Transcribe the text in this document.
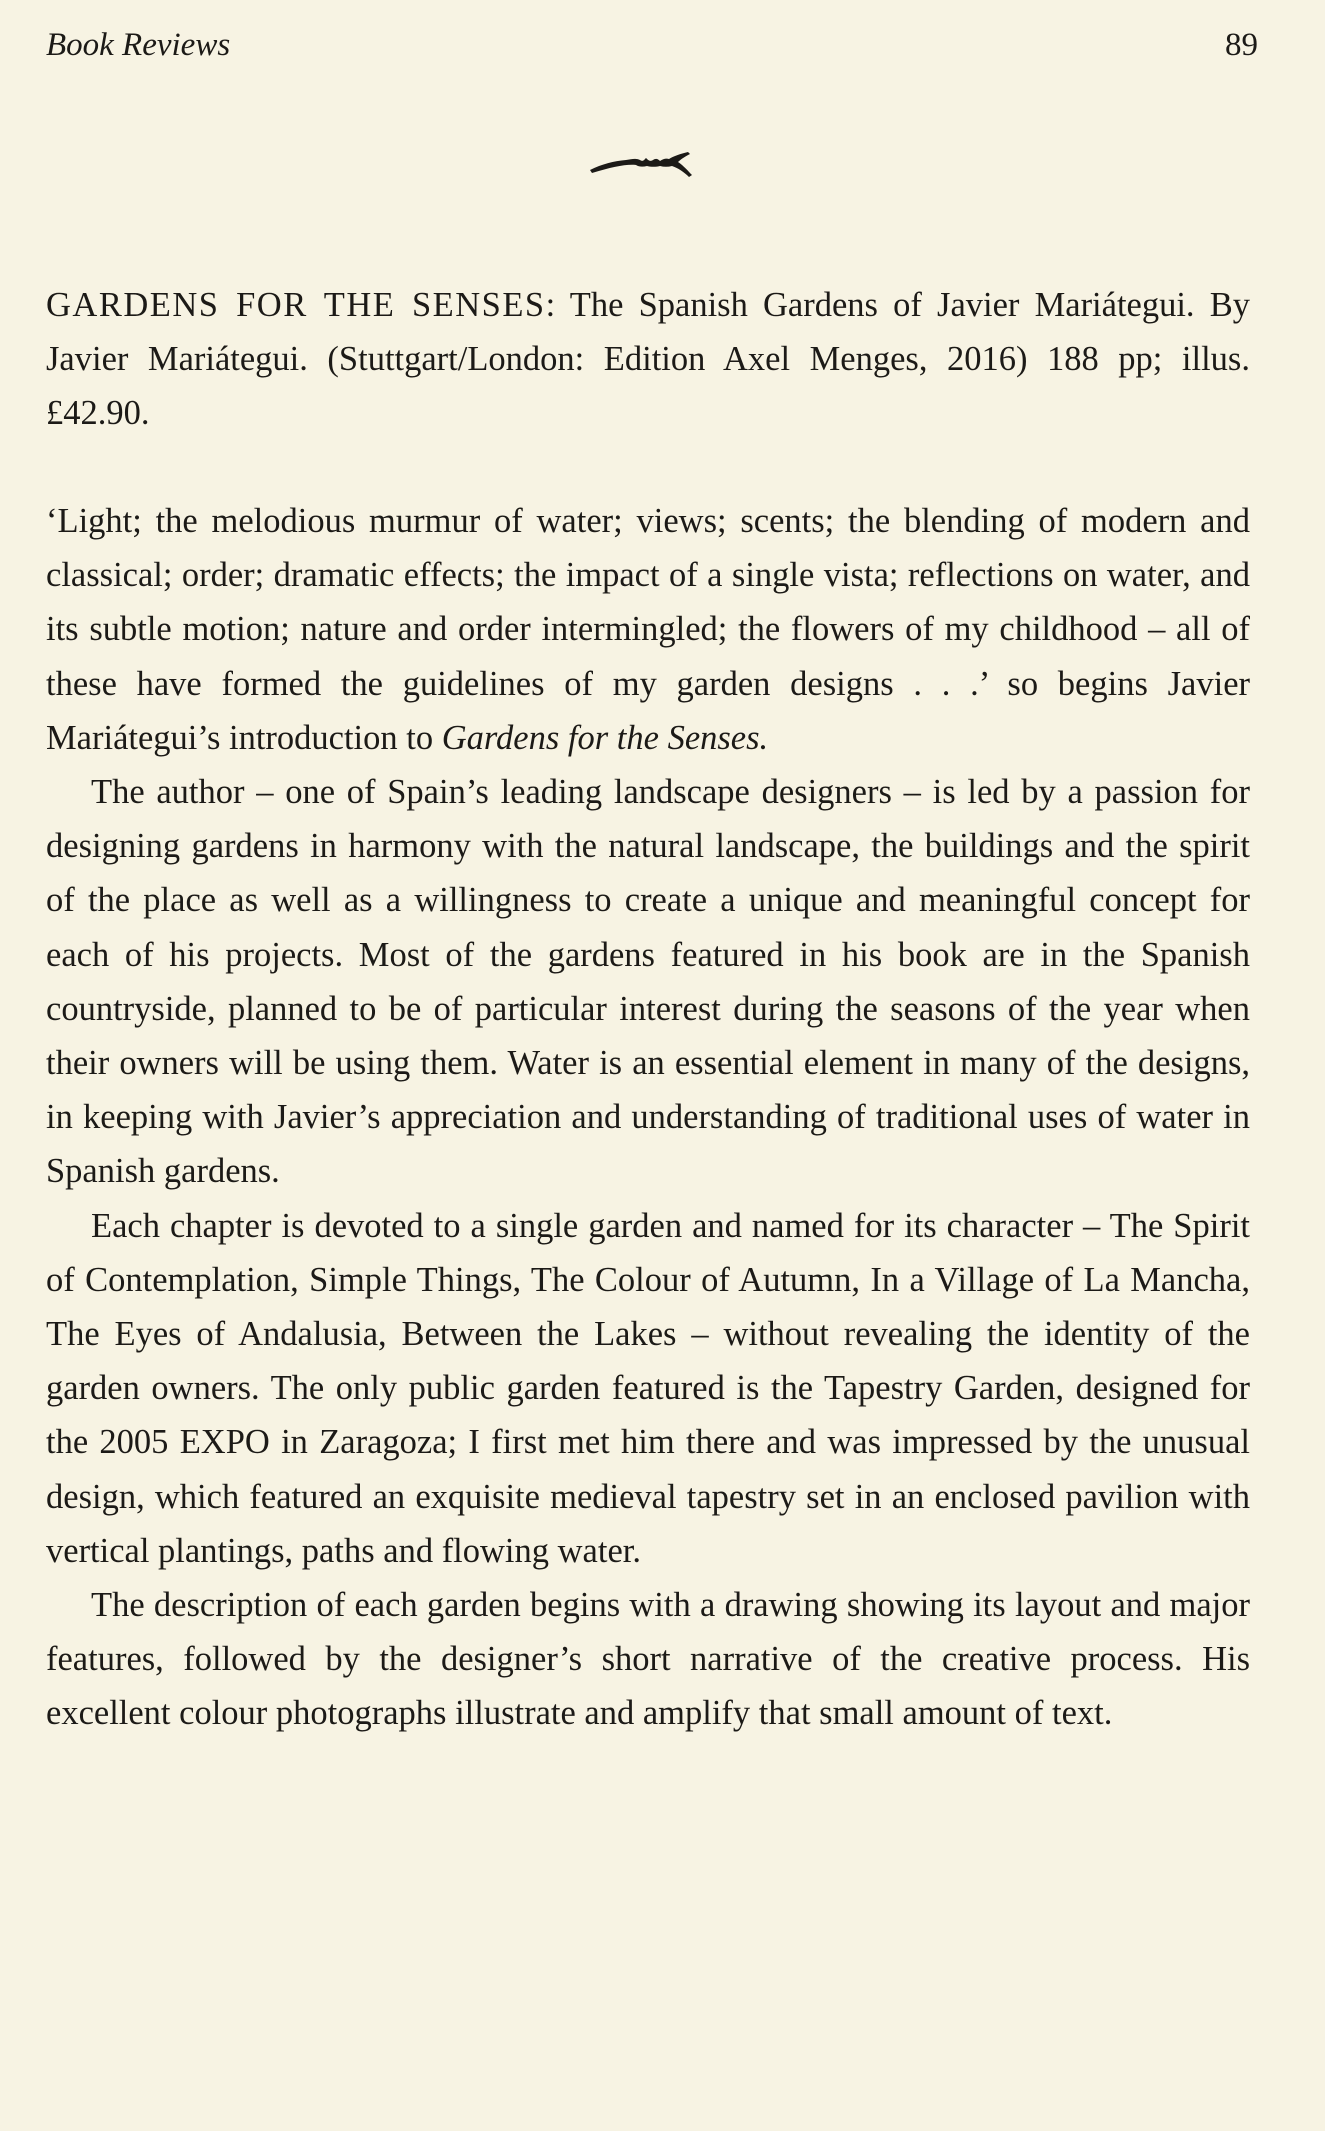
Book Reviews	89

GARDENS FOR THE SENSES: The Spanish Gardens of Javier Mariátegui. By Javier Mariátegui. (Stuttgart/London: Edition Axel Menges, 2016) 188 pp; illus. £42.90.

‘Light; the melodious murmur of water; views; scents; the blending of modern and classical; order; dramatic effects; the impact of a single vista; reflections on water, and its subtle motion; nature and order intermingled; the flowers of my childhood – all of these have formed the guidelines of my garden designs . . .’ so begins Javier Mariátegui’s introduction to Gardens for the Senses.

The author – one of Spain’s leading landscape designers – is led by a passion for designing gardens in harmony with the natural landscape, the buildings and the spirit of the place as well as a willingness to create a unique and meaningful concept for each of his projects. Most of the gardens featured in his book are in the Spanish countryside, planned to be of particular interest during the seasons of the year when their owners will be using them. Water is an essential element in many of the designs, in keeping with Javier’s appreciation and understanding of traditional uses of water in Spanish gardens.

Each chapter is devoted to a single garden and named for its character – The Spirit of Contemplation, Simple Things, The Colour of Autumn, In a Village of La Mancha, The Eyes of Andalusia, Between the Lakes – without revealing the identity of the garden owners. The only public garden featured is the Tapestry Garden, designed for the 2005 EXPO in Zaragoza; I first met him there and was impressed by the unusual design, which featured an exquisite medieval tapestry set in an enclosed pavilion with vertical plantings, paths and flowing water.

The description of each garden begins with a drawing showing its layout and major features, followed by the designer’s short narrative of the creative process. His excellent colour photographs illustrate and amplify that small amount of text.
